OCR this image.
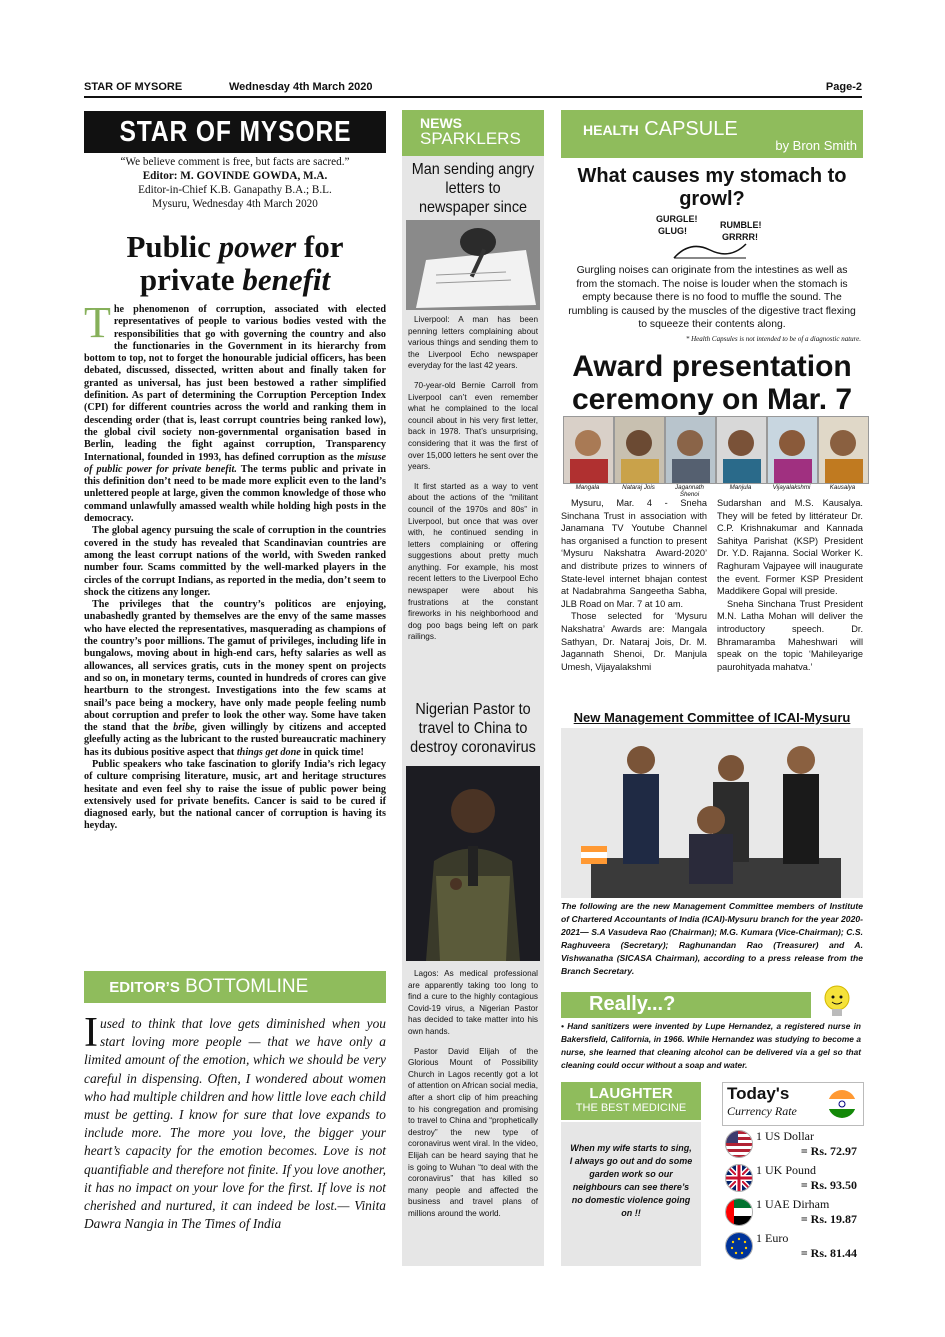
STAR OF MYSORE	Wednesday 4th March 2020	Page-2
STAR OF MYSORE
“We believe comment is free, but facts are sacred.”
Editor: M. GOVINDE GOWDA, M.A.
Editor-in-Chief K.B. Ganapathy B.A.; B.L.
Mysuru, Wednesday 4th March 2020
Public power for
private benefit

The phenomenon of corruption, associated with elected representatives of people to various bodies vested with the responsibilities that go with governing the country and also the functionaries in the Government in its hierarchy from bottom to top, not to forget the honourable judicial officers, has been debated, discussed, dissected, written about and finally taken for granted as universal, has just been bestowed a rather simplified definition. As part of determining the Corruption Perception Index (CPI) for different countries across the world and ranking them in descending order (that is, least corrupt countries being ranked low), the global civil society non-governmental organisation based in Berlin, leading the fight against corruption, Transparency International, founded in 1993, has defined corruption as the misuse of public power for private benefit. The terms public and private in this definition don’t need to be made more explicit even to the land’s unlettered people at large, given the common knowledge of those who command unlawfully amassed wealth while holding high posts in the democracy.

The global agency pursuing the scale of corruption in the countries covered in the study has revealed that Scandinavian countries are among the least corrupt nations of the world, with Sweden ranked number four. Scams committed by the well-marked players in the circles of the corrupt Indians, as reported in the media, don’t seem to shock the citizens any longer.

The privileges that the country’s politicos are enjoying, unabashedly granted by themselves are the envy of the same masses who have elected the representatives, masquerading as champions of the country’s poor millions. The gamut of privileges, including life in bungalows, moving about in high-end cars, hefty salaries as well as allowances, all services gratis, cuts in the money spent on projects and so on, in monetary terms, counted in hundreds of crores can give heartburn to the strongest. Investigations into the few scams at snail’s pace being a mockery, have only made people feeling numb about corruption and prefer to look the other way. Some have taken the stand that the bribe, given willingly by citizens and accepted gleefully acting as the lubricant to the rusted bureaucratic machinery has its dubious positive aspect that things get done in quick time!

Public speakers who take fascination to glorify India’s rich legacy of culture comprising literature, music, art and heritage structures hesitate and even feel shy to raise the issue of public power being extensively used for private benefits. Cancer is said to be cured if diagnosed early, but the national cancer of corruption is having its heyday.

EDITOR’S BOTTOMLINE
Iused to think that love gets diminished when you start loving more people — that we have only a limited amount of the emotion, which we should be very careful in dispensing. Often, I wondered about women who had multiple children and how little love each child must be getting. I know for sure that love expands to include more. The more you love, the bigger your heart’s capacity for the emotion becomes. Love is not quantifiable and therefore not finite. If you love another, it has no impact on your love for the first. If love is not cherished and nurtured, it can indeed be lost.— Vinita Dawra Nangia in The Times of India
NEWS
SPARKLERS
Man sending angry letters to newspaper since

Liverpool: A man has been penning letters complaining about various things and sending them to the Liverpool Echo newspaper everyday for the last 42 years.

70-year-old Bernie Carroll from Liverpool can’t even remember what he complained to the local council about in his very first letter, back in 1978. That’s unsurprising, considering that it was the first of over 15,000 letters he sent over the years.

It first started as a way to vent about the actions of the “militant council of the 1970s and 80s” in Liverpool, but once that was over with, he continued sending in letters complaining or offering suggestions about pretty much anything. For example, his most recent letters to the Liverpool Echo newspaper were about his frustrations at the constant fireworks in his neighborhood and dog poo bags being left on park railings.

Nigerian Pastor to travel to China to destroy coronavirus

Lagos: As medical professional are apparently taking too long to find a cure to the highly contagious Covid-19 virus, a Nigerian Pastor has decided to take matter into his own hands.

Pastor David Elijah of the Glorious Mount of Possibility Church in Lagos recently got a lot of attention on African social media, after a short clip of him preaching to his congregation and promising to travel to China and “prophetically destroy” the new type of coronavirus went viral. In the video, Elijah can be heard saying that he is going to Wuhan “to deal with the coronavirus” that has killed so many people and affected the business and travel plans of millions around the world.

HEALTH CAPSULE
by Bron Smith
What causes my stomach to growl?
GURGLE!
GLUG!
RUMBLE!
GRRRR!
Gurgling noises can originate from the intestines as well as from the stomach. The noise is louder when the stomach is empty because there is no food to muffle the sound. The rumbling is caused by the muscles of the digestive tract flexing to squeeze their contents along.
* Health Capsules is not intended to be of a diagnostic nature.
Award presentation ceremony on Mar. 7
Mangala	Nataraj Jois	Jagannath Shenoi
Manjula	Vijayalakshmi	Kausalya

Mysuru, Mar. 4 - Sneha Sinchana Trust in association with Janamana TV Youtube Channel has organised a function to present ‘Mysuru Nakshatra Award-2020’ and distribute prizes to winners of State-level internet bhajan contest at Nadabrahma Sangeetha Sabha, JLB Road on Mar. 7 at 10 am.

Those selected for ‘Mysuru Nakshatra’ Awards are: Mangala Sathyan, Dr. Nataraj Jois, Dr. M. Jagannath Shenoi, Dr. Manjula Umesh, Vijayalakshmi

Sudarshan and M.S. Kausalya. They will be feted by littérateur Dr. C.P. Krishnakumar and Kannada Sahitya Parishat (KSP) President Dr. Y.D. Rajanna. Social Worker K. Raghuram Vajpayee will inaugurate the event. Former KSP President Maddikere Gopal will preside.

Sneha Sinchana Trust President M.N. Latha Mohan will deliver the introductory speech. Dr. Bhramaramba Maheshwari will speak on the topic ‘Mahileyarige paurohityada mahatva.’

New Management Committee of ICAI-Mysuru
The following are the new Management Committee members of Institute of Chartered Accountants of India (ICAI)-Mysuru branch for the year 2020-2021— S.A Vasudeva Rao (Chairman); M.G. Kumara (Vice-Chairman); C.S. Raghuveera (Secretary); Raghunandan Rao (Treasurer) and A. Vishwanatha (SICASA Chairman), according to a press release from the Branch Secretary.
Really...?
• Hand sanitizers were invented by Lupe Hernandez, a registered nurse in Bakersfield, California, in 1966. While Hernandez was studying to become a nurse, she learned that cleaning alcohol can be delivered via a gel so that cleaning could occur without a soap and water.
LAUGHTER
THE BEST MEDICINE
When my wife starts to sing, I always go out and do some garden work so our neighbours can see there’s no domestic violence going on !!
Today's
Currency Rate
1 US Dollar
= Rs. 72.97
1 UK Pound
= Rs. 93.50
1 UAE Dirham
= Rs. 19.87
1 Euro
= Rs. 81.44
